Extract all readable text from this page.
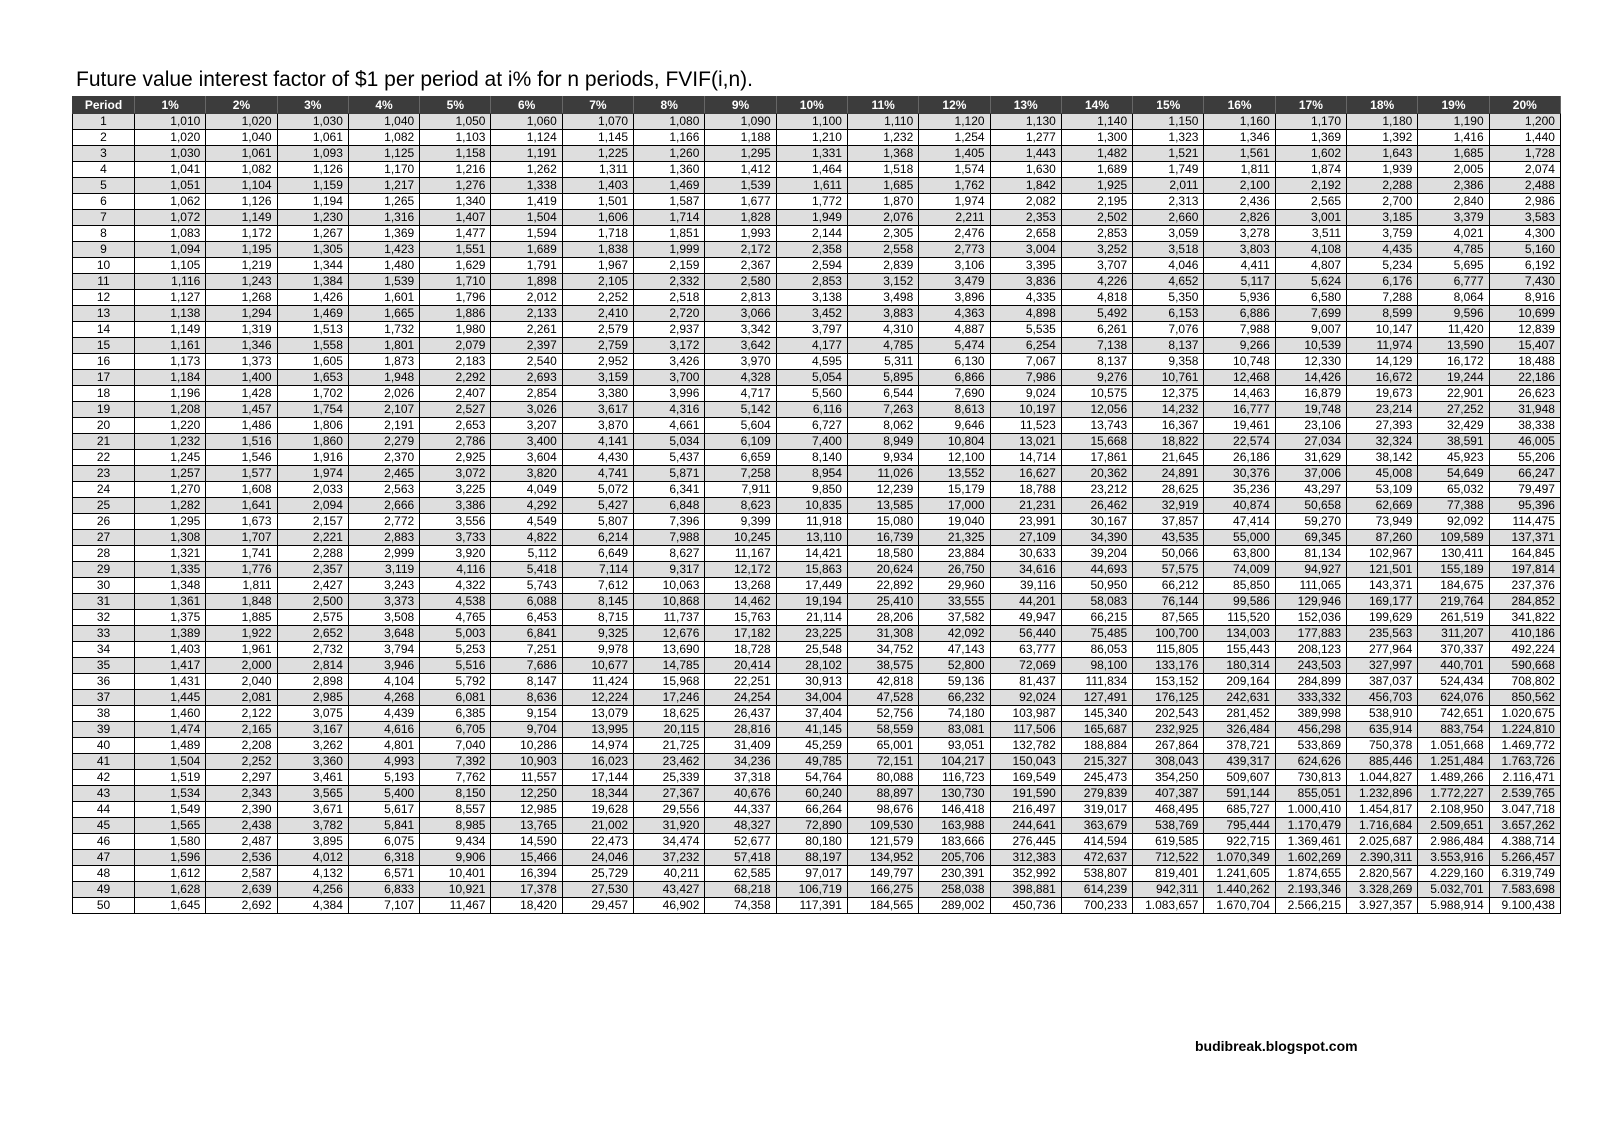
Future value interest factor of $1 per period at i% for n periods, FVIF(i,n).
Period	1%	2%	3%	4%	5%	6%	7%	8%	9%	10%	11%	12%	13%	14%	15%	16%	17%	18%	19%	20%
1	1,010	1,020	1,030	1,040	1,050	1,060	1,070	1,080	1,090	1,100	1,110	1,120	1,130	1,140	1,150	1,160	1,170	1,180	1,190	1,200
2	1,020	1,040	1,061	1,082	1,103	1,124	1,145	1,166	1,188	1,210	1,232	1,254	1,277	1,300	1,323	1,346	1,369	1,392	1,416	1,440
3	1,030	1,061	1,093	1,125	1,158	1,191	1,225	1,260	1,295	1,331	1,368	1,405	1,443	1,482	1,521	1,561	1,602	1,643	1,685	1,728
4	1,041	1,082	1,126	1,170	1,216	1,262	1,311	1,360	1,412	1,464	1,518	1,574	1,630	1,689	1,749	1,811	1,874	1,939	2,005	2,074
5	1,051	1,104	1,159	1,217	1,276	1,338	1,403	1,469	1,539	1,611	1,685	1,762	1,842	1,925	2,011	2,100	2,192	2,288	2,386	2,488
6	1,062	1,126	1,194	1,265	1,340	1,419	1,501	1,587	1,677	1,772	1,870	1,974	2,082	2,195	2,313	2,436	2,565	2,700	2,840	2,986
7	1,072	1,149	1,230	1,316	1,407	1,504	1,606	1,714	1,828	1,949	2,076	2,211	2,353	2,502	2,660	2,826	3,001	3,185	3,379	3,583
8	1,083	1,172	1,267	1,369	1,477	1,594	1,718	1,851	1,993	2,144	2,305	2,476	2,658	2,853	3,059	3,278	3,511	3,759	4,021	4,300
9	1,094	1,195	1,305	1,423	1,551	1,689	1,838	1,999	2,172	2,358	2,558	2,773	3,004	3,252	3,518	3,803	4,108	4,435	4,785	5,160
10	1,105	1,219	1,344	1,480	1,629	1,791	1,967	2,159	2,367	2,594	2,839	3,106	3,395	3,707	4,046	4,411	4,807	5,234	5,695	6,192
11	1,116	1,243	1,384	1,539	1,710	1,898	2,105	2,332	2,580	2,853	3,152	3,479	3,836	4,226	4,652	5,117	5,624	6,176	6,777	7,430
12	1,127	1,268	1,426	1,601	1,796	2,012	2,252	2,518	2,813	3,138	3,498	3,896	4,335	4,818	5,350	5,936	6,580	7,288	8,064	8,916
13	1,138	1,294	1,469	1,665	1,886	2,133	2,410	2,720	3,066	3,452	3,883	4,363	4,898	5,492	6,153	6,886	7,699	8,599	9,596	10,699
14	1,149	1,319	1,513	1,732	1,980	2,261	2,579	2,937	3,342	3,797	4,310	4,887	5,535	6,261	7,076	7,988	9,007	10,147	11,420	12,839
15	1,161	1,346	1,558	1,801	2,079	2,397	2,759	3,172	3,642	4,177	4,785	5,474	6,254	7,138	8,137	9,266	10,539	11,974	13,590	15,407
16	1,173	1,373	1,605	1,873	2,183	2,540	2,952	3,426	3,970	4,595	5,311	6,130	7,067	8,137	9,358	10,748	12,330	14,129	16,172	18,488
17	1,184	1,400	1,653	1,948	2,292	2,693	3,159	3,700	4,328	5,054	5,895	6,866	7,986	9,276	10,761	12,468	14,426	16,672	19,244	22,186
18	1,196	1,428	1,702	2,026	2,407	2,854	3,380	3,996	4,717	5,560	6,544	7,690	9,024	10,575	12,375	14,463	16,879	19,673	22,901	26,623
19	1,208	1,457	1,754	2,107	2,527	3,026	3,617	4,316	5,142	6,116	7,263	8,613	10,197	12,056	14,232	16,777	19,748	23,214	27,252	31,948
20	1,220	1,486	1,806	2,191	2,653	3,207	3,870	4,661	5,604	6,727	8,062	9,646	11,523	13,743	16,367	19,461	23,106	27,393	32,429	38,338
21	1,232	1,516	1,860	2,279	2,786	3,400	4,141	5,034	6,109	7,400	8,949	10,804	13,021	15,668	18,822	22,574	27,034	32,324	38,591	46,005
22	1,245	1,546	1,916	2,370	2,925	3,604	4,430	5,437	6,659	8,140	9,934	12,100	14,714	17,861	21,645	26,186	31,629	38,142	45,923	55,206
23	1,257	1,577	1,974	2,465	3,072	3,820	4,741	5,871	7,258	8,954	11,026	13,552	16,627	20,362	24,891	30,376	37,006	45,008	54,649	66,247
24	1,270	1,608	2,033	2,563	3,225	4,049	5,072	6,341	7,911	9,850	12,239	15,179	18,788	23,212	28,625	35,236	43,297	53,109	65,032	79,497
25	1,282	1,641	2,094	2,666	3,386	4,292	5,427	6,848	8,623	10,835	13,585	17,000	21,231	26,462	32,919	40,874	50,658	62,669	77,388	95,396
26	1,295	1,673	2,157	2,772	3,556	4,549	5,807	7,396	9,399	11,918	15,080	19,040	23,991	30,167	37,857	47,414	59,270	73,949	92,092	114,475
27	1,308	1,707	2,221	2,883	3,733	4,822	6,214	7,988	10,245	13,110	16,739	21,325	27,109	34,390	43,535	55,000	69,345	87,260	109,589	137,371
28	1,321	1,741	2,288	2,999	3,920	5,112	6,649	8,627	11,167	14,421	18,580	23,884	30,633	39,204	50,066	63,800	81,134	102,967	130,411	164,845
29	1,335	1,776	2,357	3,119	4,116	5,418	7,114	9,317	12,172	15,863	20,624	26,750	34,616	44,693	57,575	74,009	94,927	121,501	155,189	197,814
30	1,348	1,811	2,427	3,243	4,322	5,743	7,612	10,063	13,268	17,449	22,892	29,960	39,116	50,950	66,212	85,850	111,065	143,371	184,675	237,376
31	1,361	1,848	2,500	3,373	4,538	6,088	8,145	10,868	14,462	19,194	25,410	33,555	44,201	58,083	76,144	99,586	129,946	169,177	219,764	284,852
32	1,375	1,885	2,575	3,508	4,765	6,453	8,715	11,737	15,763	21,114	28,206	37,582	49,947	66,215	87,565	115,520	152,036	199,629	261,519	341,822
33	1,389	1,922	2,652	3,648	5,003	6,841	9,325	12,676	17,182	23,225	31,308	42,092	56,440	75,485	100,700	134,003	177,883	235,563	311,207	410,186
34	1,403	1,961	2,732	3,794	5,253	7,251	9,978	13,690	18,728	25,548	34,752	47,143	63,777	86,053	115,805	155,443	208,123	277,964	370,337	492,224
35	1,417	2,000	2,814	3,946	5,516	7,686	10,677	14,785	20,414	28,102	38,575	52,800	72,069	98,100	133,176	180,314	243,503	327,997	440,701	590,668
36	1,431	2,040	2,898	4,104	5,792	8,147	11,424	15,968	22,251	30,913	42,818	59,136	81,437	111,834	153,152	209,164	284,899	387,037	524,434	708,802
37	1,445	2,081	2,985	4,268	6,081	8,636	12,224	17,246	24,254	34,004	47,528	66,232	92,024	127,491	176,125	242,631	333,332	456,703	624,076	850,562
38	1,460	2,122	3,075	4,439	6,385	9,154	13,079	18,625	26,437	37,404	52,756	74,180	103,987	145,340	202,543	281,452	389,998	538,910	742,651	1.020,675
39	1,474	2,165	3,167	4,616	6,705	9,704	13,995	20,115	28,816	41,145	58,559	83,081	117,506	165,687	232,925	326,484	456,298	635,914	883,754	1.224,810
40	1,489	2,208	3,262	4,801	7,040	10,286	14,974	21,725	31,409	45,259	65,001	93,051	132,782	188,884	267,864	378,721	533,869	750,378	1.051,668	1.469,772
41	1,504	2,252	3,360	4,993	7,392	10,903	16,023	23,462	34,236	49,785	72,151	104,217	150,043	215,327	308,043	439,317	624,626	885,446	1.251,484	1.763,726
42	1,519	2,297	3,461	5,193	7,762	11,557	17,144	25,339	37,318	54,764	80,088	116,723	169,549	245,473	354,250	509,607	730,813	1.044,827	1.489,266	2.116,471
43	1,534	2,343	3,565	5,400	8,150	12,250	18,344	27,367	40,676	60,240	88,897	130,730	191,590	279,839	407,387	591,144	855,051	1.232,896	1.772,227	2.539,765
44	1,549	2,390	3,671	5,617	8,557	12,985	19,628	29,556	44,337	66,264	98,676	146,418	216,497	319,017	468,495	685,727	1.000,410	1.454,817	2.108,950	3.047,718
45	1,565	2,438	3,782	5,841	8,985	13,765	21,002	31,920	48,327	72,890	109,530	163,988	244,641	363,679	538,769	795,444	1.170,479	1.716,684	2.509,651	3.657,262
46	1,580	2,487	3,895	6,075	9,434	14,590	22,473	34,474	52,677	80,180	121,579	183,666	276,445	414,594	619,585	922,715	1.369,461	2.025,687	2.986,484	4.388,714
47	1,596	2,536	4,012	6,318	9,906	15,466	24,046	37,232	57,418	88,197	134,952	205,706	312,383	472,637	712,522	1.070,349	1.602,269	2.390,311	3.553,916	5.266,457
48	1,612	2,587	4,132	6,571	10,401	16,394	25,729	40,211	62,585	97,017	149,797	230,391	352,992	538,807	819,401	1.241,605	1.874,655	2.820,567	4.229,160	6.319,749
49	1,628	2,639	4,256	6,833	10,921	17,378	27,530	43,427	68,218	106,719	166,275	258,038	398,881	614,239	942,311	1.440,262	2.193,346	3.328,269	5.032,701	7.583,698
50	1,645	2,692	4,384	7,107	11,467	18,420	29,457	46,902	74,358	117,391	184,565	289,002	450,736	700,233	1.083,657	1.670,704	2.566,215	3.927,357	5.988,914	9.100,438
budibreak.blogspot.com
